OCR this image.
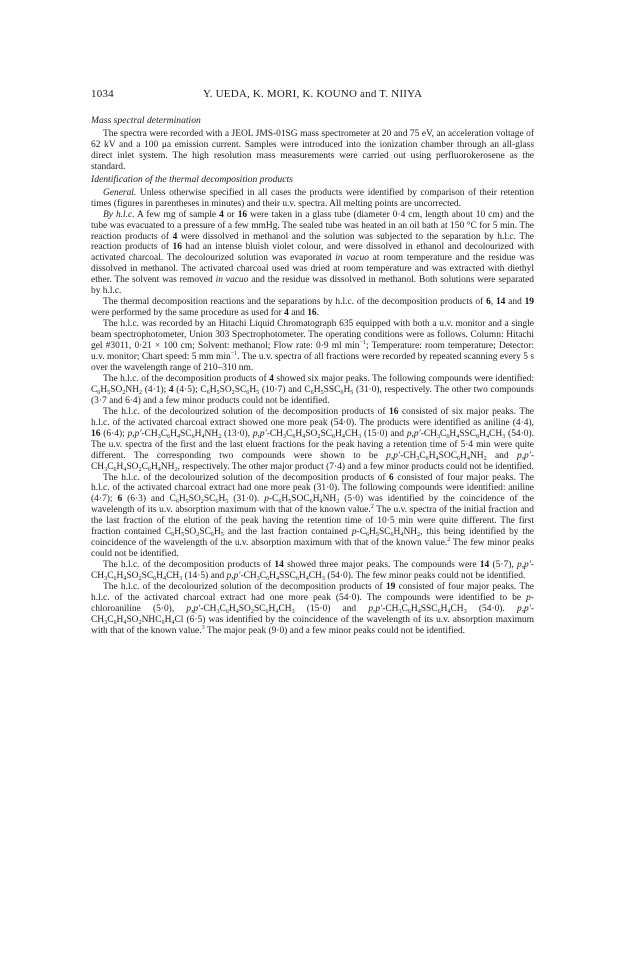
1034	Y. UEDA, K. MORI, K. KOUNO and T. NIIYA
Mass spectral determination

The spectra were recorded with a JEOL JMS-01SG mass spectrometer at 20 and 75 eV, an acceleration voltage of 62 kV and a 100 μa emission current. Samples were introduced into the ionization chamber through an all-glass direct inlet system. The high resolution mass measurements were carried out using perfluorokerosene as the standard.

Identification of the thermal decomposition products

General. Unless otherwise specified in all cases the products were identified by comparison of their retention times (figures in parentheses in minutes) and their u.v. spectra. All melting points are uncorrected.

By h.l.c. A few mg of sample 4 or 16 were taken in a glass tube (diameter 0·4 cm, length about 10 cm) and the tube was evacuated to a pressure of a few mmHg. The sealed tube was heated in an oil bath at 150 °C for 5 min. The reaction products of 4 were dissolved in methanol and the solution was subjected to the separation by h.l.c. The reaction products of 16 had an intense bluish violet colour, and were dissolved in ethanol and decolourized with activated charcoal. The decolourized solution was evaporated in vacuo at room temperature and the residue was dissolved in methanol. The activated charcoal used was dried at room temperature and was extracted with diethyl ether. The solvent was removed in vacuo and the residue was dissolved in methanol. Both solutions were separated by h.l.c.

The thermal decomposition reactions and the separations by h.l.c. of the decomposition products of 6, 14 and 19 were performed by the same procedure as used for 4 and 16.

The h.l.c. was recorded by an Hitachi Liquid Chromatograph 635 equipped with both a u.v. monitor and a single beam spectrophotometer, Union 303 Spectrophotometer. The operating conditions were as follows. Column: Hitachi gel #3011, 0·21 × 100 cm; Solvent: methanol; Flow rate: 0·9 ml $\min^{-1}$; Temperature: room temperature; Detector: u.v. monitor; Chart speed: 5 mm $\min^{-1}$. The u.v. spectra of all fractions were recorded by repeated scanning every 5 s over the wavelength range of 210–310 nm.

The h.l.c. of the decomposition products of 4 showed six major peaks. The following compounds were identified: $C_6H_5SO_2NH_2$ (4·1); 4 (4·5); $C_6H_5SO_2SC_6H_5$ (10·7) and $C_6H_5SSC_6H_5$ (31·0), respectively. The other two compounds (3·7 and 6·4) and a few minor products could not be identified.

The h.l.c. of the decolourized solution of the decomposition products of 16 consisted of six major peaks. The h.l.c. of the activated charcoal extract showed one more peak (54·0). The products were identified as aniline (4·4), 16 (6·4); $p,p'-CH_3C_6H_4SC_6H_4NH_2$ (13·0), $p,p'-CH_3C_6H_4SO_2SC_6H_4CH_3$ (15·0) and $p,p'-CH_3C_6H_4SSC_6H_4CH_3$ (54·0). The u.v. spectra of the first and the last eluent fractions for the peak having a retention time of 5·4 min were quite different. The corresponding two compounds were shown to be $p,p'-CH_3C_6H_4SOC_6H_4NH_2$ and $p,p'-CH_3C_6H_4SO_2C_6H_4NH_2$, respectively. The other major product (7·4) and a few minor products could not be identified.

The h.l.c. of the decolourized solution of the decomposition products of 6 consisted of four major peaks. The h.l.c. of the activated charcoal extract had one more peak (31·0). The following compounds were identified: aniline (4·7); 6 (6·3) and $C_6H_5SO_2SC_6H_5$ (31·0). $p-C_6H_5SOC_6H_4NH_2$ (5·0) was identified by the coincidence of the wavelength of its u.v. absorption maximum with that of the known value.$^2$ The u.v. spectra of the initial fraction and the last fraction of the elution of the peak having the retention time of 10·5 min were quite different. The first fraction contained $C_6H_5SO_2SC_6H_5$ and the last fraction contained $p-C_6H_5SC_6H_4NH_2$, this being identified by the coincidence of the wavelength of the u.v. absorption maximum with that of the known value.$^2$ The few minor peaks could not be identified.

The h.l.c. of the decomposition products of 14 showed three major peaks. The compounds were 14 (5·7), $p,p'-CH_3C_6H_4SO_2SC_6H_4CH_3$ (14·5) and $p,p'-CH_3C_6H_4SSC_6H_4CH_3$ (54·0). The few minor peaks could not be identified.

The h.l.c. of the decolourized solution of the decomposition products of 19 consisted of four major peaks. The h.l.c. of the activated charcoal extract had one more peak (54·0). The compounds were identified to be p-chloroaniline (5·0), $p,p'-CH_3C_6H_4SO_2SC_6H_4CH_3$ (15·0) and $p,p'-CH_3C_6H_4SSC_6H_4CH_3$ (54·0). $p,p'-CH_3C_6H_4SO_2NHC_6H_4Cl$ (6·5) was identified by the coincidence of the wavelength of its u.v. absorption maximum with that of the known value.$^3$ The major peak (9·0) and a few minor peaks could not be identified.
